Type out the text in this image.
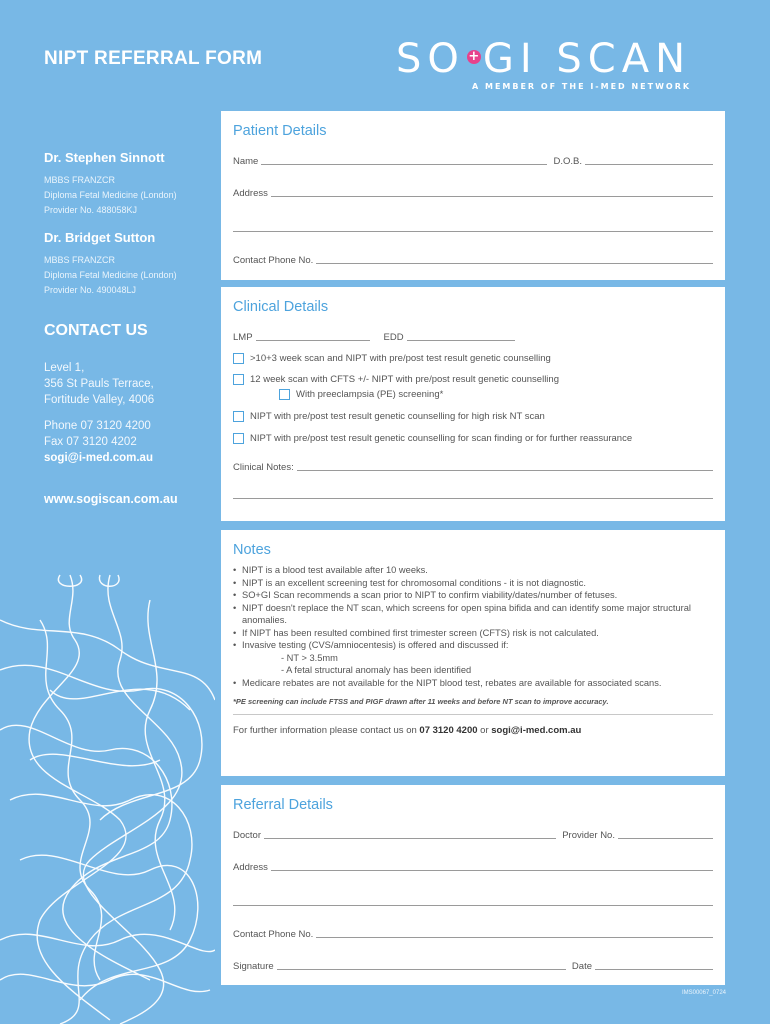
NIPT REFERRAL FORM	SO +GI SCAN
A MEMBER OF THE I-MED NETWORK
Dr. Stephen Sinnott
MBBS FRANZCR
Diploma Fetal Medicine (London)
Provider No. 488058KJ
Dr. Bridget Sutton
MBBS FRANZCR
Diploma Fetal Medicine (London)
Provider No. 490048LJ
CONTACT US
Level 1,
356 St Pauls Terrace,
Fortitude Valley, 4006
Phone 07 3120 4200
Fax 07 3120 4202
sogi@i-med.com.au
www.sogiscan.com.au
Patient Details
Name	D.O.B.
Address
Contact Phone No.
Clinical Details
LMP	EDD
>10+3 week scan and NIPT with pre/post test result genetic counselling
12 week scan with CFTS +/- NIPT with pre/post result genetic counselling
With preeclampsia (PE) screening*
NIPT with pre/post test result genetic counselling for high risk NT scan
NIPT with pre/post test result genetic counselling for scan finding or for further reassurance
Clinical Notes:
Notes
• NIPT is a blood test available after 10 weeks.
• NIPT is an excellent screening test for chromosomal conditions - it is not diagnostic.
• SO+GI Scan recommends a scan prior to NIPT to confirm viability/dates/number of fetuses.
• NIPT doesn't replace the NT scan, which screens for open spina bifida and can identify some major structural anomalies.
• If NIPT has been resulted combined first trimester screen (CFTS) risk is not calculated.
• Invasive testing (CVS/amniocentesis) is offered and discussed if:
- NT > 3.5mm
- A fetal structural anomaly has been identified
• Medicare rebates are not available for the NIPT blood test, rebates are available for associated scans.
*PE screening can include FTSS and PIGF drawn after 11 weeks and before NT scan to improve accuracy.
For further information please contact us on 07 3120 4200 or sogi@i-med.com.au
Referral Details
Doctor	Provider No.
Address
Contact Phone No.
Signature	Date
IMS00067_0724
